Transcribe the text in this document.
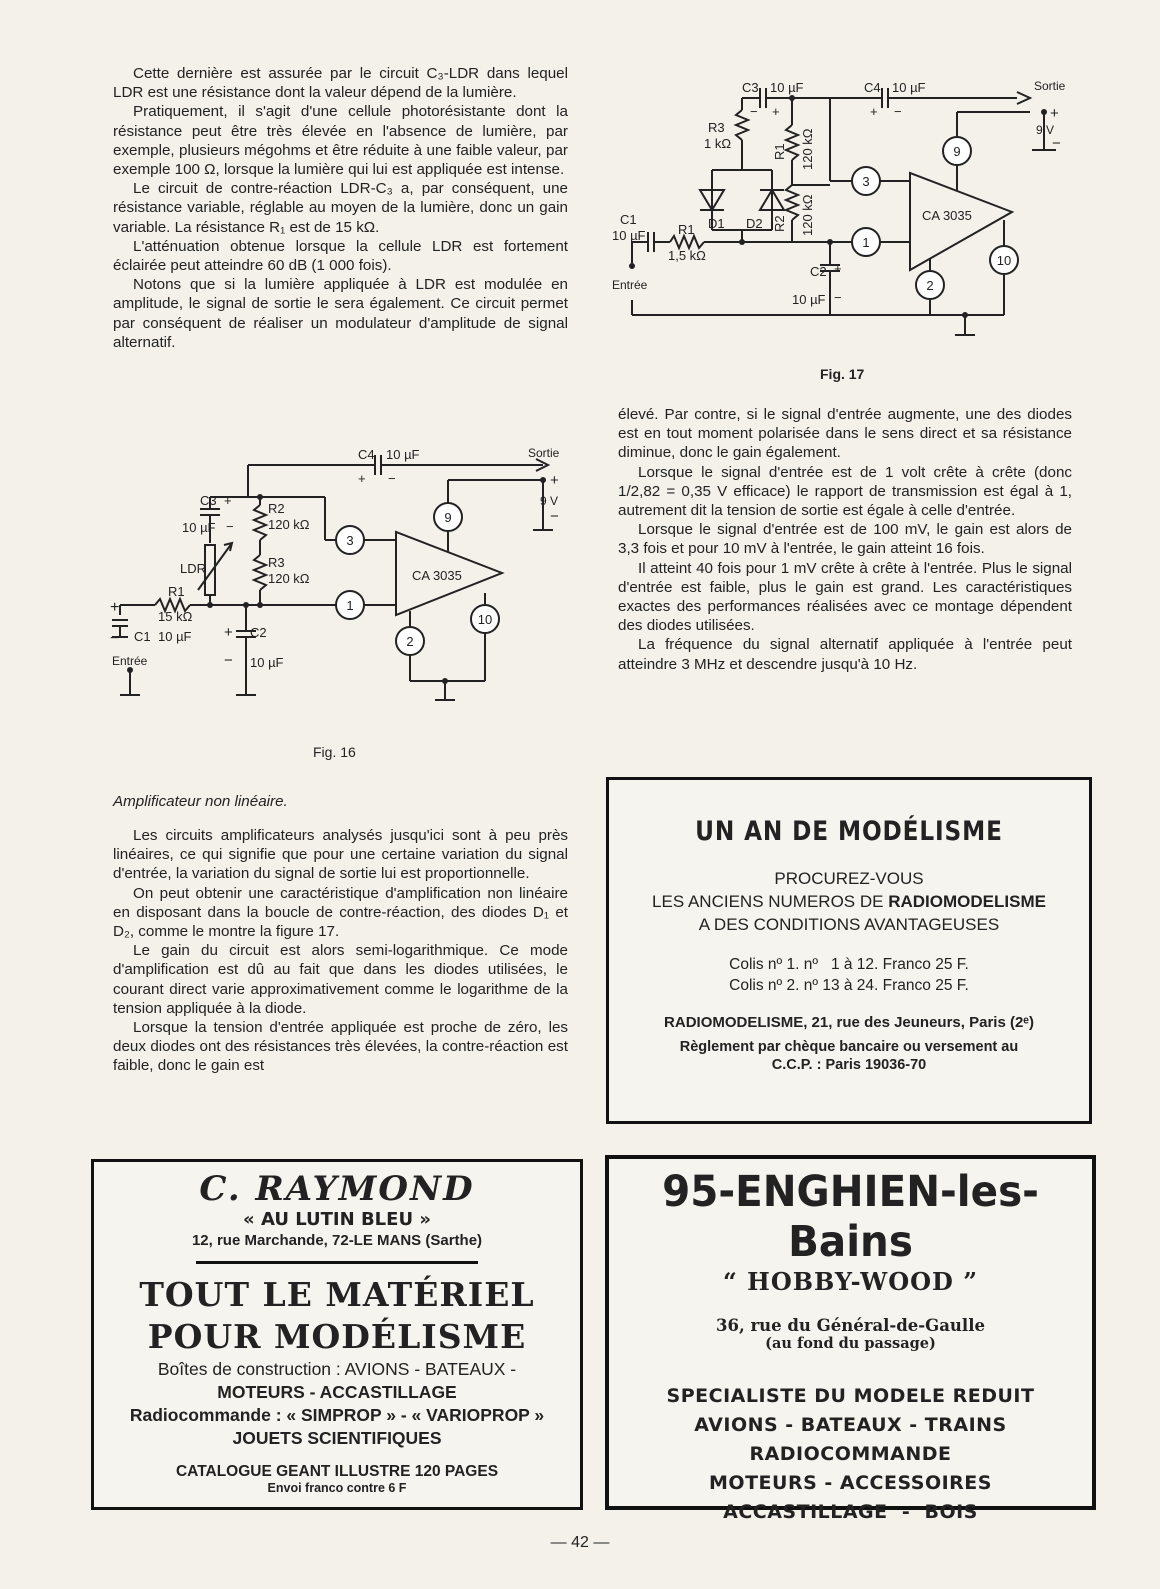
Cette dernière est assurée par le circuit C₃-LDR dans lequel LDR est une résistance dont la valeur dépend de la lumière.

Pratiquement, il s'agit d'une cellule photorésistante dont la résistance peut être très élevée en l'absence de lumière, par exemple, plusieurs mégohms et être réduite à une faible valeur, par exemple 100 Ω, lorsque la lumière qui lui est appliquée est intense.

Le circuit de contre-réaction LDR-C₃ a, par conséquent, une résistance variable, réglable au moyen de la lumière, donc un gain variable. La résistance R₁ est de 15 kΩ.

L'atténuation obtenue lorsque la cellule LDR est fortement éclairée peut atteindre 60 dB (1 000 fois).

Notons que si la lumière appliquée à LDR est modulée en amplitude, le signal de sortie le sera également. Ce circuit permet par conséquent de réaliser un modulateur d'amplitude de signal alternatif.

3
1
9
2
10
CA 3035
C3 10 µF
− +
C4 10 µF
+ −
Sortie
+
9 V
−
R3
1 kΩ	R1 120 kΩ
R2 120 kΩ
D1 D2
C1
10 µF R1
1,5 kΩ
Entrée
C2 +
10 µF −
Fig. 17

élevé. Par contre, si le signal d'entrée augmente, une des diodes est en tout moment polarisée dans le sens direct et sa résistance diminue, donc le gain également.

Lorsque le signal d'entrée est de 1 volt crête à crête (donc 1/2,82 = 0,35 V efficace) le rapport de transmission est égal à 1, autrement dit la tension de sortie est égale à celle d'entrée.

Lorsque le signal d'entrée est de 100 mV, le gain est alors de 3,3 fois et pour 10 mV à l'entrée, le gain atteint 16 fois.

Il atteint 40 fois pour 1 mV crête à crête à l'entrée. Plus le signal d'entrée est faible, plus le gain est grand. Les caractéristiques exactes des performances réalisées avec ce montage dépendent des diodes utilisées.

La fréquence du signal alternatif appliquée à l'entrée peut atteindre 3 MHz et descendre jusqu'à 10 Hz.

3
1
9
2
10
CA 3035
C4 10 µF
+ −
Sortie
+
9 V
−
C3 +
10 µF −
R2
120 kΩ
R3
120 kΩ
LDR
R1
15 kΩ
+
− C1 10 µF
Entrée
+ C2
− 10 µF
Fig. 16
Amplificateur non linéaire.

Les circuits amplificateurs analysés jusqu'ici sont à peu près linéaires, ce qui signifie que pour une certaine variation du signal d'entrée, la variation du signal de sortie lui est proportionnelle.

On peut obtenir une caractéristique d'amplification non linéaire en disposant dans la boucle de contre-réaction, des diodes D₁ et D₂, comme le montre la figure 17.

Le gain du circuit est alors semi-logarithmique. Ce mode d'amplification est dû au fait que dans les diodes utilisées, le courant direct varie approximativement comme le logarithme de la tension appliquée à la diode.

Lorsque la tension d'entrée appliquée est proche de zéro, les deux diodes ont des résistances très élevées, la contre-réaction est faible, donc le gain est

UN AN DE MODÉLISME
PROCUREZ-VOUS
LES ANCIENS NUMEROS DE RADIOMODELISME
A DES CONDITIONS AVANTAGEUSES
Colis nº 1. nº   1 à 12. Franco 25 F.
Colis nº 2. nº 13 à 24. Franco 25 F.
RADIOMODELISME, 21, rue des Jeuneurs, Paris (2ᵉ)
Règlement par chèque bancaire ou versement au
C.C.P. : Paris 19036-70
C. RAYMOND
« AU LUTIN BLEU »
12, rue Marchande, 72-LE MANS (Sarthe)
TOUT LE MATÉRIEL
POUR MODÉLISME
Boîtes de construction : AVIONS - BATEAUX -
MOTEURS - ACCASTILLAGE
Radiocommande : « SIMPROP » - « VARIOPROP »
JOUETS SCIENTIFIQUES
CATALOGUE GEANT ILLUSTRE 120 PAGES
Envoi franco contre 6 F
95-ENGHIEN-les-Bains
“ HOBBY-WOOD ”
36, rue du Général-de-Gaulle
(au fond du passage)
SPECIALISTE DU MODELE REDUIT
AVIONS - BATEAUX - TRAINS
RADIOCOMMANDE
MOTEURS - ACCESSOIRES
ACCASTILLAGE  -  BOIS
— 42 —
